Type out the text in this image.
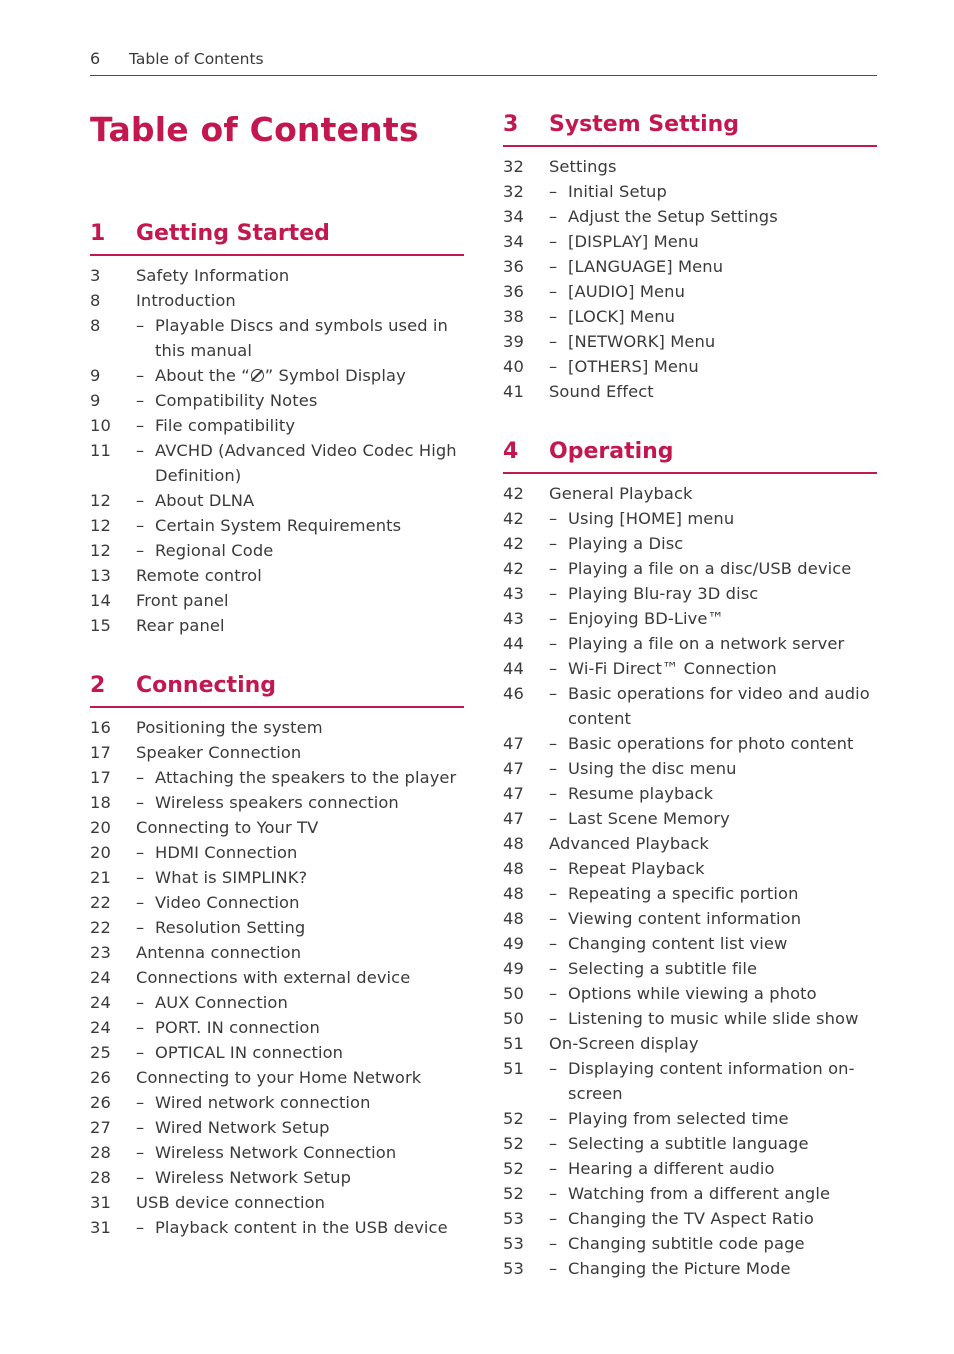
6 Table of Contents
Table of Contents
1 Getting Started
3	Safety Information
8	Introduction
8	– Playable Discs and symbols used in
this manual
9	– About the “ ” Symbol Display
9	– Compatibility Notes
10	– File compatibility
11	– AVCHD (Advanced Video Codec High
Definition)
12	– About DLNA
12	– Certain System Requirements
12	– Regional Code
13	Remote control
14	Front panel
15	Rear panel
2 Connecting
16	Positioning the system
17	Speaker Connection
17	– Attaching the speakers to the player
18	– Wireless speakers connection
20	Connecting to Your TV
20	– HDMI Connection
21	– What is SIMPLINK?
22	– Video Connection
22	– Resolution Setting
23	Antenna connection
24	Connections with external device
24	– AUX Connection
24	– PORT. IN connection
25	– OPTICAL IN connection
26	Connecting to your Home Network
26	– Wired network connection
27	– Wired Network Setup
28	– Wireless Network Connection
28	– Wireless Network Setup
31	USB device connection
31	– Playback content in the USB device
3 System Setting
32	Settings
32	– Initial Setup
34	– Adjust the Setup Settings
34	– [DISPLAY] Menu
36	– [LANGUAGE] Menu
36	– [AUDIO] Menu
38	– [LOCK] Menu
39	– [NETWORK] Menu
40	– [OTHERS] Menu
41	Sound Effect
4 Operating
42	General Playback
42	– Using [HOME] menu
42	– Playing a Disc
42	– Playing a file on a disc/USB device
43	– Playing Blu-ray 3D disc
43	– Enjoying BD-Live™
44	– Playing a file on a network server
44	– Wi-Fi Direct™ Connection
46	– Basic operations for video and audio
content
47	– Basic operations for photo content
47	– Using the disc menu
47	– Resume playback
47	– Last Scene Memory
48	Advanced Playback
48	– Repeat Playback
48	– Repeating a specific portion
48	– Viewing content information
49	– Changing content list view
49	– Selecting a subtitle file
50	– Options while viewing a photo
50	– Listening to music while slide show
51	On-Screen display
51	– Displaying content information on-
screen
52	– Playing from selected time
52	– Selecting a subtitle language
52	– Hearing a different audio
52	– Watching from a different angle
53	– Changing the TV Aspect Ratio
53	– Changing subtitle code page
53	– Changing the Picture Mode
